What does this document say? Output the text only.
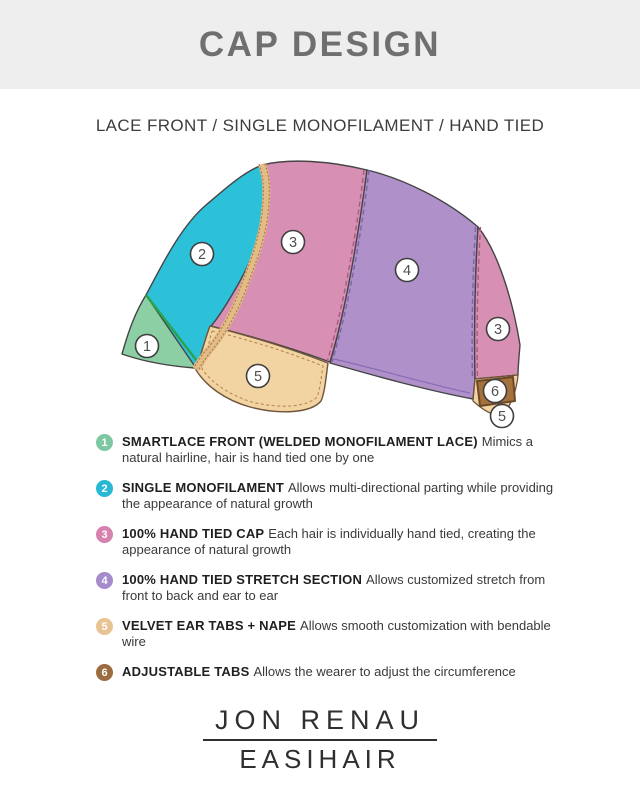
CAP DESIGN
LACE FRONT / SINGLE MONOFILAMENT / HAND TIED
1
2
3
4
3
5
6
5
1	SMARTLACE FRONT (WELDED MONOFILAMENT LACE) Mimics a natural hairline, hair is hand tied one by one

2	SINGLE MONOFILAMENT Allows multi-directional parting while providing the appearance of natural growth

3	100% HAND TIED CAP Each hair is individually hand tied, creating the appearance of natural growth

4	100% HAND TIED STRETCH SECTION Allows customized stretch from front to back and ear to ear

5	VELVET EAR TABS + NAPE Allows smooth customization with bendable wire

6	ADJUSTABLE TABS Allows the wearer to adjust the circumference

JON RENAU
EASIHAIR
